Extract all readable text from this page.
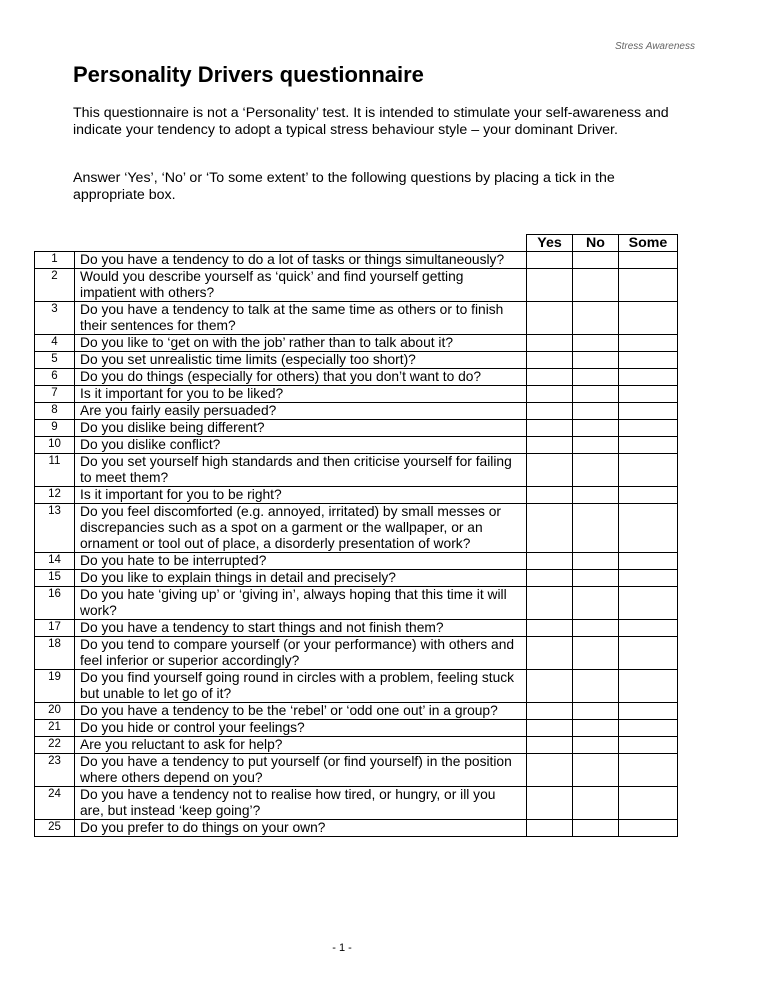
Stress Awareness
Personality Drivers questionnaire

This questionnaire is not a ‘Personality’ test. It is intended to stimulate your self-awareness and indicate your tendency to adopt a typical stress behaviour style – your dominant Driver.

Answer ‘Yes’, ‘No’ or ‘To some extent’ to the following questions by placing a tick in the appropriate box.

		Yes	No	Some
1	Do you have a tendency to do a lot of tasks or things simultaneously?			
2	Would you describe yourself as ‘quick’ and find yourself getting impatient with others?			
3	Do you have a tendency to talk at the same time as others or to finish their sentences for them?			
4	Do you like to ‘get on with the job’ rather than to talk about it?			
5	Do you set unrealistic time limits (especially too short)?			
6	Do you do things (especially for others) that you don’t want to do?			
7	Is it important for you to be liked?			
8	Are you fairly easily persuaded?			
9	Do you dislike being different?			
10	Do you dislike conflict?			
11	Do you set yourself high standards and then criticise yourself for failing to meet them?			
12	Is it important for you to be right?			
13	Do you feel discomforted (e.g. annoyed, irritated) by small messes or discrepancies such as a spot on a garment or the wallpaper, or an ornament or tool out of place, a disorderly presentation of work?			
14	Do you hate to be interrupted?			
15	Do you like to explain things in detail and precisely?			
16	Do you hate ‘giving up’ or ‘giving in’, always hoping that this time it will work?			
17	Do you have a tendency to start things and not finish them?			
18	Do you tend to compare yourself (or your performance) with others and feel inferior or superior accordingly?			
19	Do you find yourself going round in circles with a problem, feeling stuck but unable to let go of it?			
20	Do you have a tendency to be the ‘rebel’ or ‘odd one out’ in a group?			
21	Do you hide or control your feelings?			
22	Are you reluctant to ask for help?			
23	Do you have a tendency to put yourself (or find yourself) in the position where others depend on you?			
24	Do you have a tendency not to realise how tired, or hungry, or ill you are, but instead ‘keep going’?			
25	Do you prefer to do things on your own?			
- 1 -
